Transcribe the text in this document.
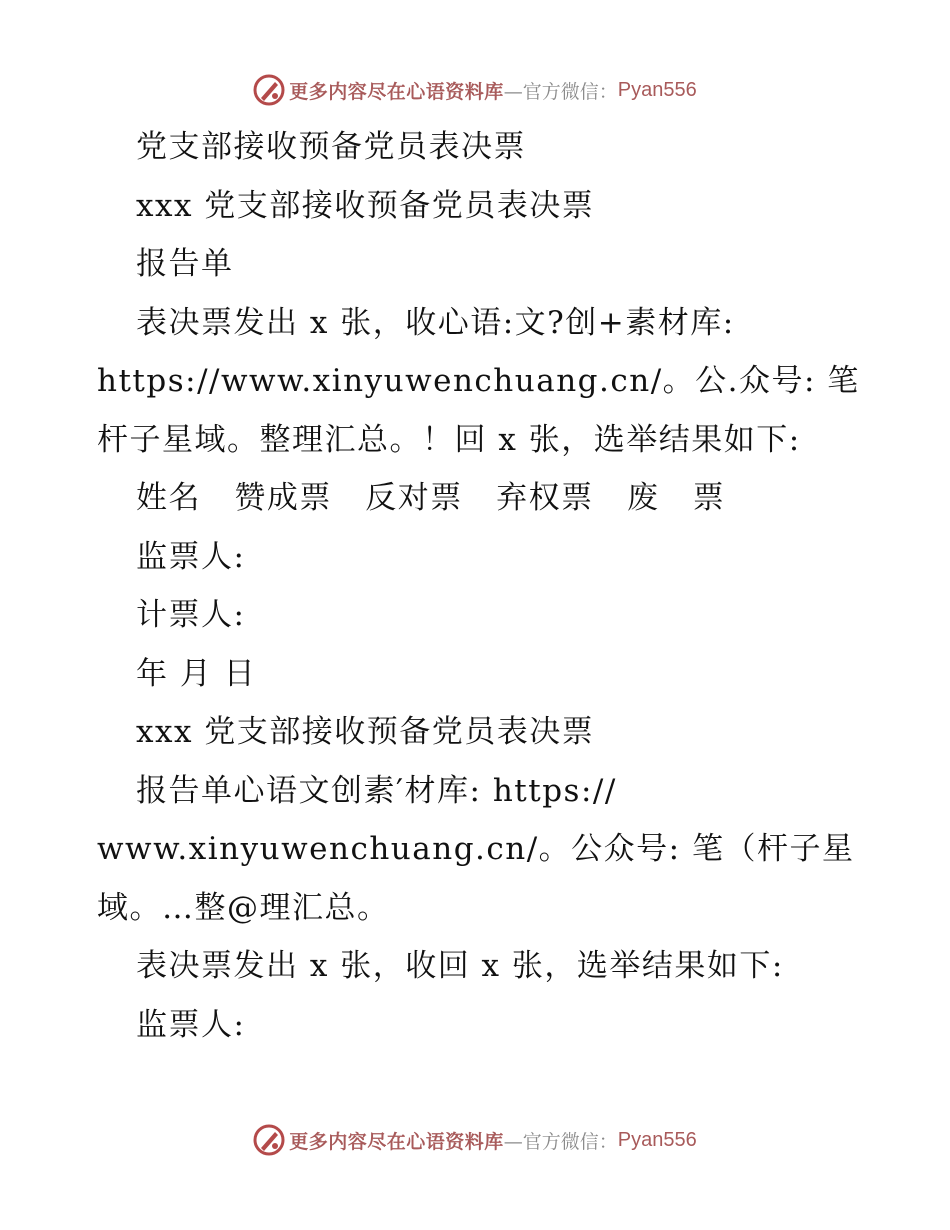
更多内容尽在心语资料库 —官方微信： Pyan556
党支部接收预备党员表决票
xxx 党支部接收预备党员表决票
报告单
表决票发出 x 张，收心语:文?创+素材库:
https://www.xinyuwenchuang.cn/。公.众号: 笔
杆子星域。整理汇总。！回 x 张，选举结果如下:
姓名 赞成票 反对票 弃权票 废 票
监票人:
计票人:
年 月 日
xxx 党支部接收预备党员表决票
报告单心语文创素′材库: https://
www.xinyuwenchuang.cn/。公众号: 笔（杆子星
域。…整@理汇总。
表决票发出 x 张，收回 x 张，选举结果如下:
监票人:
更多内容尽在心语资料库 —官方微信： Pyan556
